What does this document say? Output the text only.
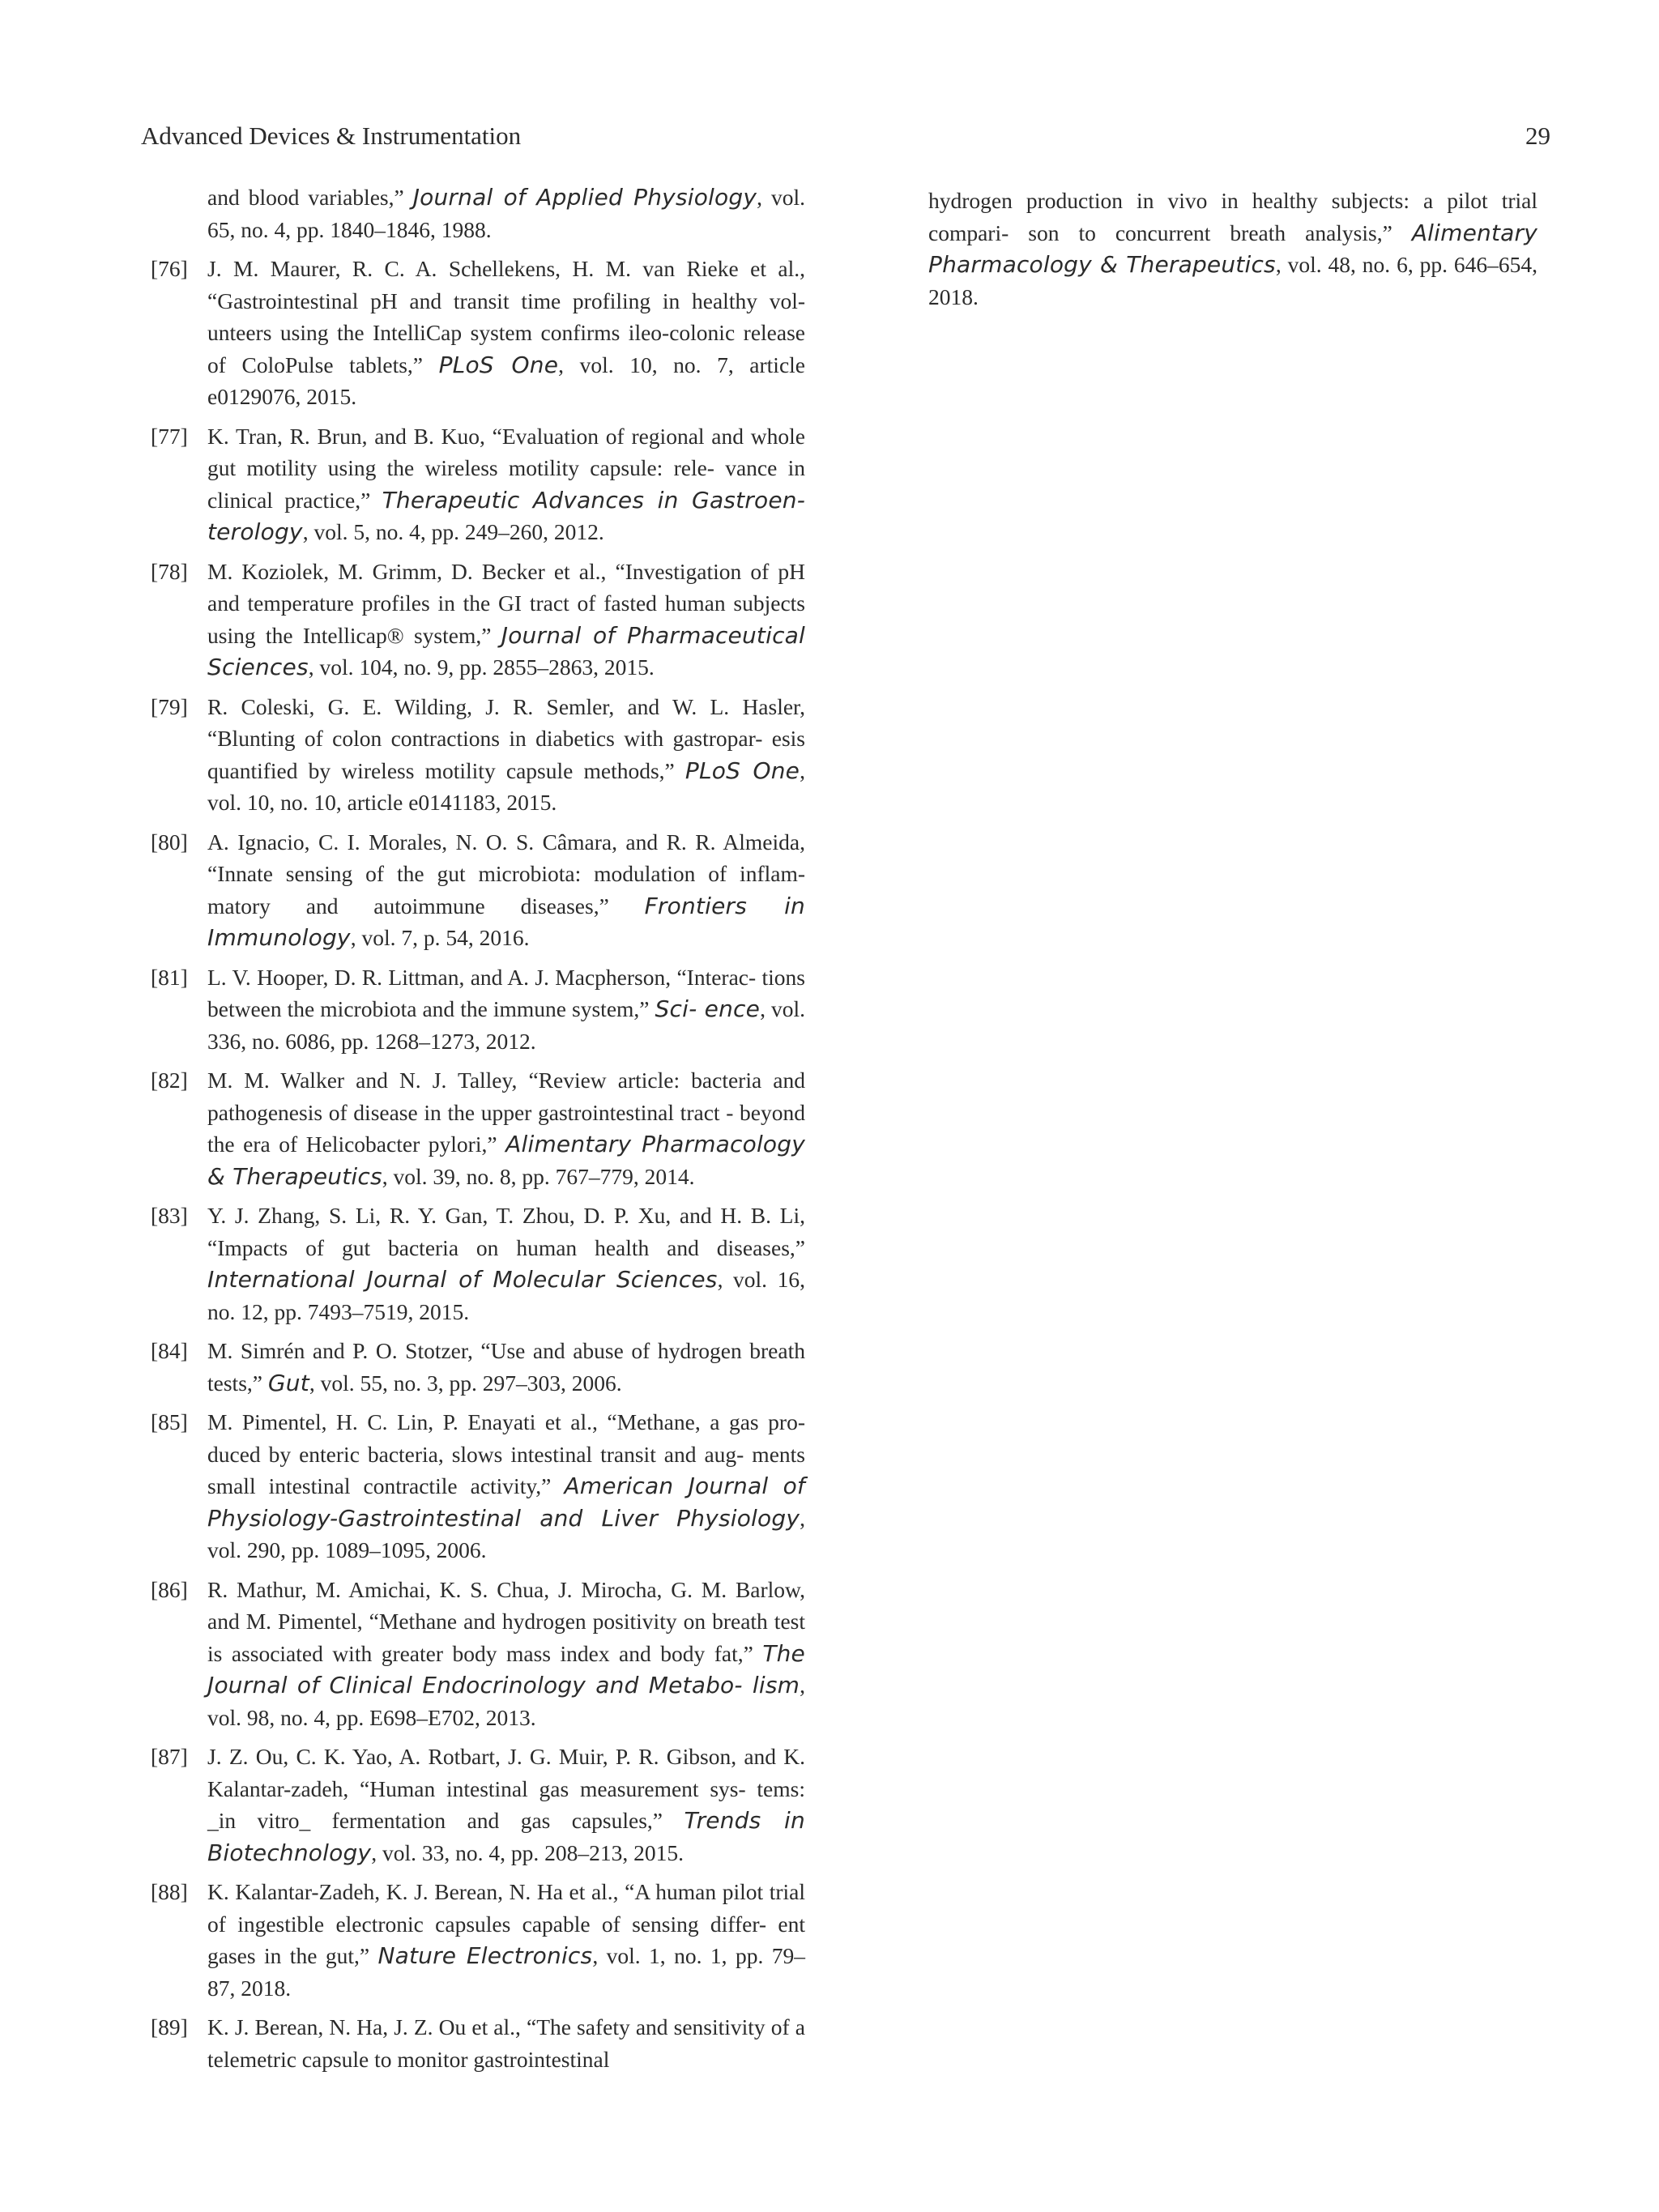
Advanced Devices & Instrumentation	29
and blood variables,” Journal of Applied Physiology, vol. 65, no. 4, pp. 1840–1846, 1988.
[76] J. M. Maurer, R. C. A. Schellekens, H. M. van Rieke et al., “Gastrointestinal pH and transit time profiling in healthy vol- unteers using the IntelliCap system confirms ileo-colonic release of ColoPulse tablets,” PLoS One, vol. 10, no. 7, article e0129076, 2015.
[77] K. Tran, R. Brun, and B. Kuo, “Evaluation of regional and whole gut motility using the wireless motility capsule: rele- vance in clinical practice,” Therapeutic Advances in Gastroen- terology, vol. 5, no. 4, pp. 249–260, 2012.
[78] M. Koziolek, M. Grimm, D. Becker et al., “Investigation of pH and temperature profiles in the GI tract of fasted human subjects using the Intellicap® system,” Journal of Pharmaceutical Sciences, vol. 104, no. 9, pp. 2855–2863, 2015.
[79] R. Coleski, G. E. Wilding, J. R. Semler, and W. L. Hasler, “Blunting of colon contractions in diabetics with gastropar- esis quantified by wireless motility capsule methods,” PLoS One, vol. 10, no. 10, article e0141183, 2015.
[80] A. Ignacio, C. I. Morales, N. O. S. Câmara, and R. R. Almeida, “Innate sensing of the gut microbiota: modulation of inflam- matory and autoimmune diseases,” Frontiers in Immunology, vol. 7, p. 54, 2016.
[81] L. V. Hooper, D. R. Littman, and A. J. Macpherson, “Interac- tions between the microbiota and the immune system,” Sci- ence, vol. 336, no. 6086, pp. 1268–1273, 2012.
[82] M. M. Walker and N. J. Talley, “Review article: bacteria and pathogenesis of disease in the upper gastrointestinal tract - beyond the era of Helicobacter pylori,” Alimentary Pharmacology & Therapeutics, vol. 39, no. 8, pp. 767–779, 2014.
[83] Y. J. Zhang, S. Li, R. Y. Gan, T. Zhou, D. P. Xu, and H. B. Li, “Impacts of gut bacteria on human health and diseases,” International Journal of Molecular Sciences, vol. 16, no. 12, pp. 7493–7519, 2015.
[84] M. Simrén and P. O. Stotzer, “Use and abuse of hydrogen breath tests,” Gut, vol. 55, no. 3, pp. 297–303, 2006.
[85] M. Pimentel, H. C. Lin, P. Enayati et al., “Methane, a gas pro- duced by enteric bacteria, slows intestinal transit and aug- ments small intestinal contractile activity,” American Journal of Physiology-Gastrointestinal and Liver Physiology, vol. 290, pp. 1089–1095, 2006.
[86] R. Mathur, M. Amichai, K. S. Chua, J. Mirocha, G. M. Barlow, and M. Pimentel, “Methane and hydrogen positivity on breath test is associated with greater body mass index and body fat,” The Journal of Clinical Endocrinology and Metabo- lism, vol. 98, no. 4, pp. E698–E702, 2013.
[87] J. Z. Ou, C. K. Yao, A. Rotbart, J. G. Muir, P. R. Gibson, and K. Kalantar-zadeh, “Human intestinal gas measurement sys- tems: _in vitro_ fermentation and gas capsules,” Trends in Biotechnology, vol. 33, no. 4, pp. 208–213, 2015.
[88] K. Kalantar-Zadeh, K. J. Berean, N. Ha et al., “A human pilot trial of ingestible electronic capsules capable of sensing differ- ent gases in the gut,” Nature Electronics, vol. 1, no. 1, pp. 79– 87, 2018.
[89] K. J. Berean, N. Ha, J. Z. Ou et al., “The safety and sensitivity of a telemetric capsule to monitor gastrointestinal
hydrogen production in vivo in healthy subjects: a pilot trial compari- son to concurrent breath analysis,” Alimentary Pharmacology & Therapeutics, vol. 48, no. 6, pp. 646–654, 2018.
